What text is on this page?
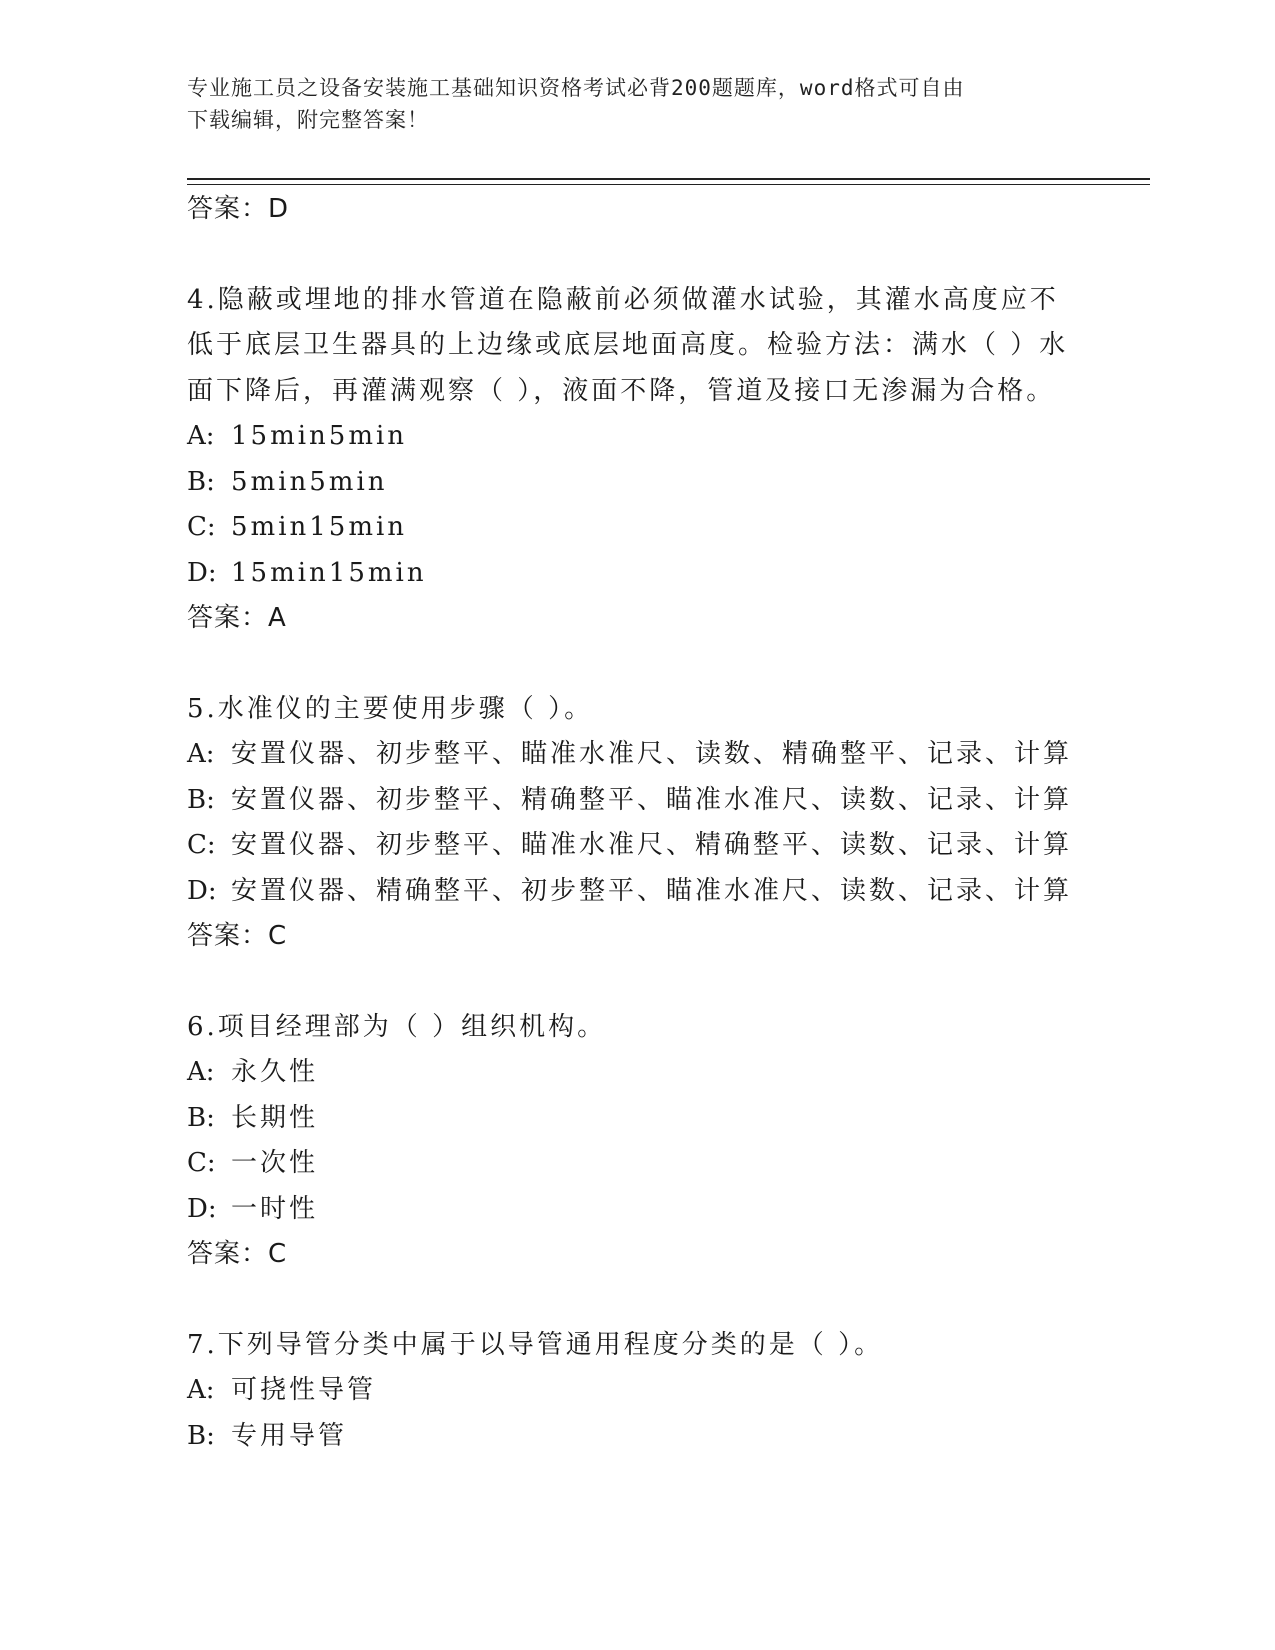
专业施工员之设备安装施工基础知识资格考试必背200题题库，word格式可自由
下载编辑，附完整答案！
答案：D
4.隐蔽或埋地的排水管道在隐蔽前必须做灌水试验，其灌水高度应不
低于底层卫生器具的上边缘或底层地面高度。检验方法：满水（ ）水
面下降后，再灌满观察（ ），液面不降，管道及接口无渗漏为合格。
A: 15min5min
B: 5min5min
C: 5min15min
D: 15min15min
答案：A
5.水准仪的主要使用步骤（ ）。
A: 安置仪器、初步整平、瞄准水准尺、读数、精确整平、记录、计算
B: 安置仪器、初步整平、精确整平、瞄准水准尺、读数、记录、计算
C: 安置仪器、初步整平、瞄准水准尺、精确整平、读数、记录、计算
D: 安置仪器、精确整平、初步整平、瞄准水准尺、读数、记录、计算
答案：C
6.项目经理部为（ ）组织机构。
A: 永久性
B: 长期性
C: 一次性
D: 一时性
答案：C
7.下列导管分类中属于以导管通用程度分类的是（ ）。
A: 可挠性导管
B: 专用导管
